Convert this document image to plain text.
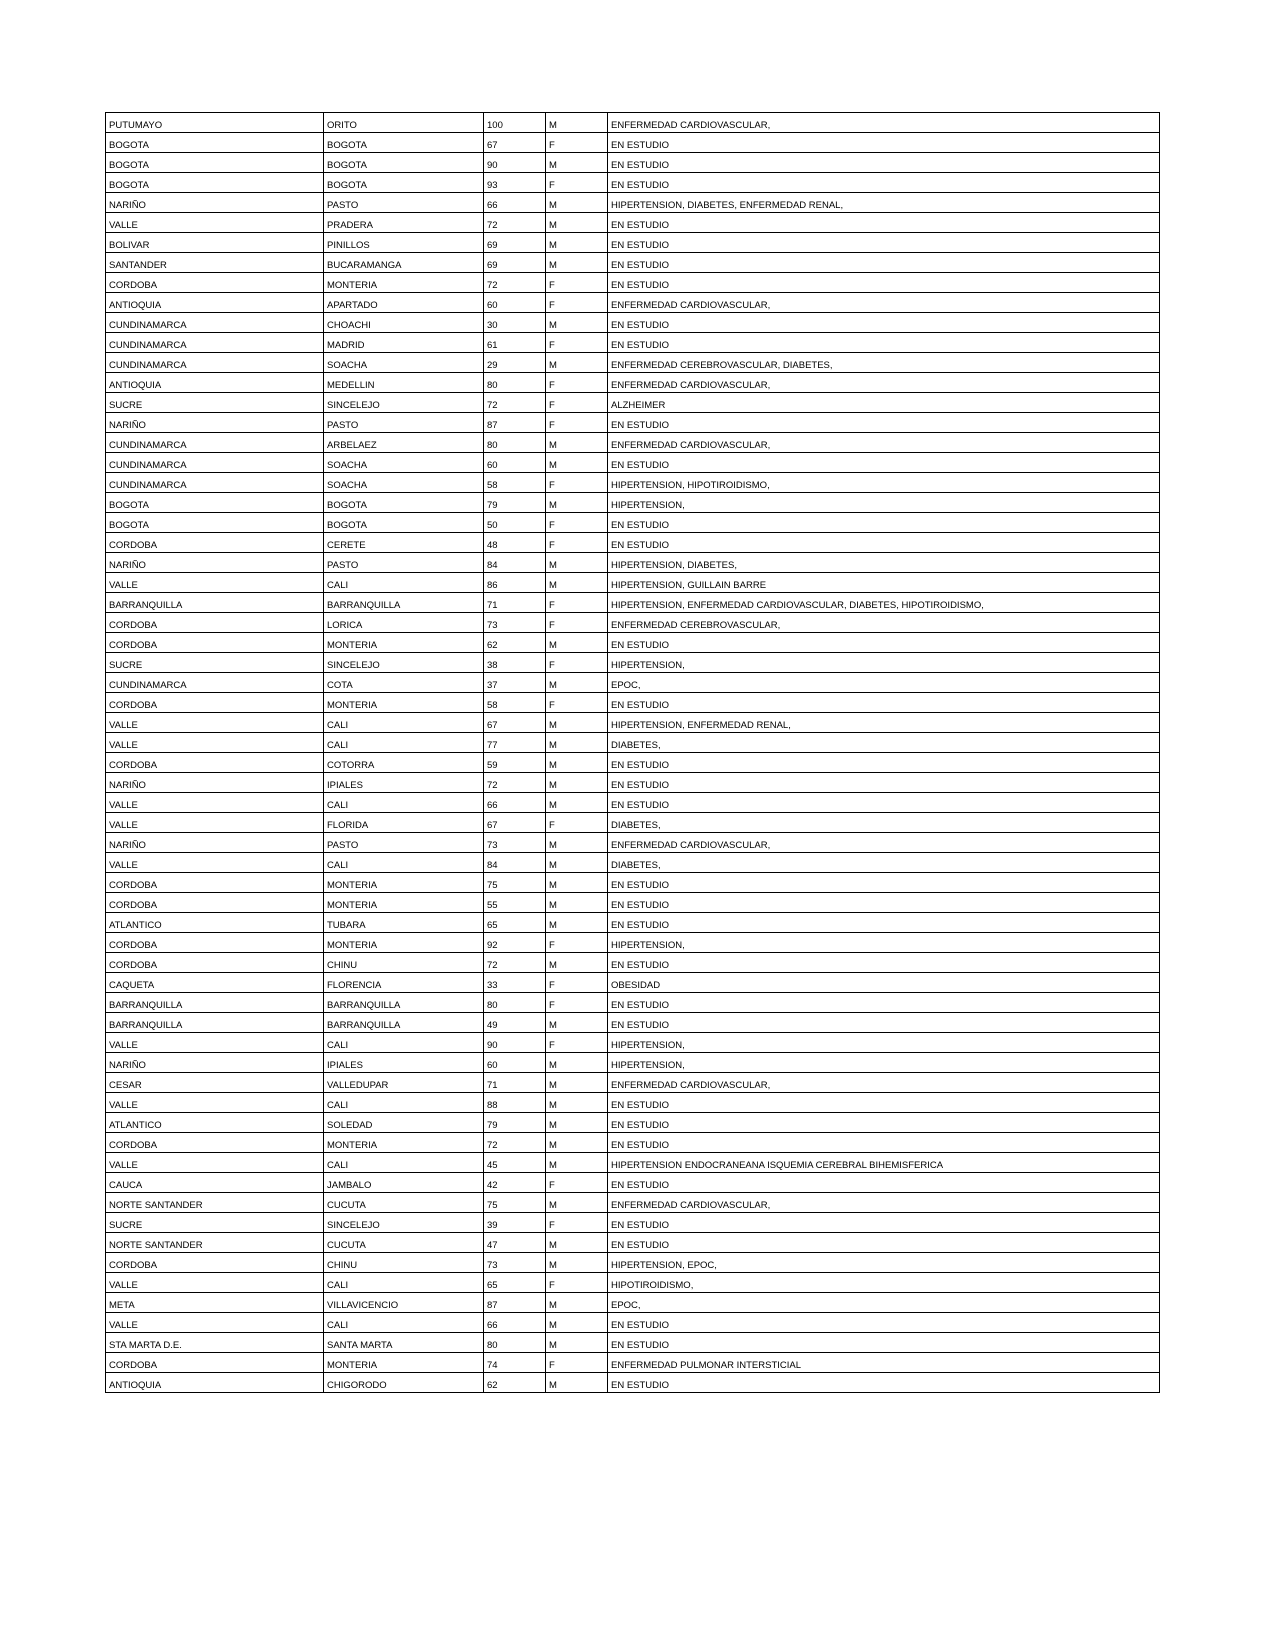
PUTUMAYO	ORITO	100	M	ENFERMEDAD CARDIOVASCULAR,
BOGOTA	BOGOTA	67	F	EN ESTUDIO
BOGOTA	BOGOTA	90	M	EN ESTUDIO
BOGOTA	BOGOTA	93	F	EN ESTUDIO
NARIÑO	PASTO	66	M	HIPERTENSION, DIABETES, ENFERMEDAD RENAL,
VALLE	PRADERA	72	M	EN ESTUDIO
BOLIVAR	PINILLOS	69	M	EN ESTUDIO
SANTANDER	BUCARAMANGA	69	M	EN ESTUDIO
CORDOBA	MONTERIA	72	F	EN ESTUDIO
ANTIOQUIA	APARTADO	60	F	ENFERMEDAD CARDIOVASCULAR,
CUNDINAMARCA	CHOACHI	30	M	EN ESTUDIO
CUNDINAMARCA	MADRID	61	F	EN ESTUDIO
CUNDINAMARCA	SOACHA	29	M	ENFERMEDAD CEREBROVASCULAR, DIABETES,
ANTIOQUIA	MEDELLIN	80	F	ENFERMEDAD CARDIOVASCULAR,
SUCRE	SINCELEJO	72	F	ALZHEIMER
NARIÑO	PASTO	87	F	EN ESTUDIO
CUNDINAMARCA	ARBELAEZ	80	M	ENFERMEDAD CARDIOVASCULAR,
CUNDINAMARCA	SOACHA	60	M	EN ESTUDIO
CUNDINAMARCA	SOACHA	58	F	HIPERTENSION, HIPOTIROIDISMO,
BOGOTA	BOGOTA	79	M	HIPERTENSION,
BOGOTA	BOGOTA	50	F	EN ESTUDIO
CORDOBA	CERETE	48	F	EN ESTUDIO
NARIÑO	PASTO	84	M	HIPERTENSION, DIABETES,
VALLE	CALI	86	M	HIPERTENSION, GUILLAIN BARRE
BARRANQUILLA	BARRANQUILLA	71	F	HIPERTENSION, ENFERMEDAD CARDIOVASCULAR, DIABETES, HIPOTIROIDISMO,
CORDOBA	LORICA	73	F	ENFERMEDAD CEREBROVASCULAR,
CORDOBA	MONTERIA	62	M	EN ESTUDIO
SUCRE	SINCELEJO	38	F	HIPERTENSION,
CUNDINAMARCA	COTA	37	M	EPOC,
CORDOBA	MONTERIA	58	F	EN ESTUDIO
VALLE	CALI	67	M	HIPERTENSION, ENFERMEDAD RENAL,
VALLE	CALI	77	M	DIABETES,
CORDOBA	COTORRA	59	M	EN ESTUDIO
NARIÑO	IPIALES	72	M	EN ESTUDIO
VALLE	CALI	66	M	EN ESTUDIO
VALLE	FLORIDA	67	F	DIABETES,
NARIÑO	PASTO	73	M	ENFERMEDAD CARDIOVASCULAR,
VALLE	CALI	84	M	DIABETES,
CORDOBA	MONTERIA	75	M	EN ESTUDIO
CORDOBA	MONTERIA	55	M	EN ESTUDIO
ATLANTICO	TUBARA	65	M	EN ESTUDIO
CORDOBA	MONTERIA	92	F	HIPERTENSION,
CORDOBA	CHINU	72	M	EN ESTUDIO
CAQUETA	FLORENCIA	33	F	OBESIDAD
BARRANQUILLA	BARRANQUILLA	80	F	EN ESTUDIO
BARRANQUILLA	BARRANQUILLA	49	M	EN ESTUDIO
VALLE	CALI	90	F	HIPERTENSION,
NARIÑO	IPIALES	60	M	HIPERTENSION,
CESAR	VALLEDUPAR	71	M	ENFERMEDAD CARDIOVASCULAR,
VALLE	CALI	88	M	EN ESTUDIO
ATLANTICO	SOLEDAD	79	M	EN ESTUDIO
CORDOBA	MONTERIA	72	M	EN ESTUDIO
VALLE	CALI	45	M	HIPERTENSION ENDOCRANEANA ISQUEMIA CEREBRAL BIHEMISFERICA
CAUCA	JAMBALO	42	F	EN ESTUDIO
NORTE SANTANDER	CUCUTA	75	M	ENFERMEDAD CARDIOVASCULAR,
SUCRE	SINCELEJO	39	F	EN ESTUDIO
NORTE SANTANDER	CUCUTA	47	M	EN ESTUDIO
CORDOBA	CHINU	73	M	HIPERTENSION, EPOC,
VALLE	CALI	65	F	HIPOTIROIDISMO,
META	VILLAVICENCIO	87	M	EPOC,
VALLE	CALI	66	M	EN ESTUDIO
STA MARTA D.E.	SANTA MARTA	80	M	EN ESTUDIO
CORDOBA	MONTERIA	74	F	ENFERMEDAD PULMONAR INTERSTICIAL
ANTIOQUIA	CHIGORODO	62	M	EN ESTUDIO
